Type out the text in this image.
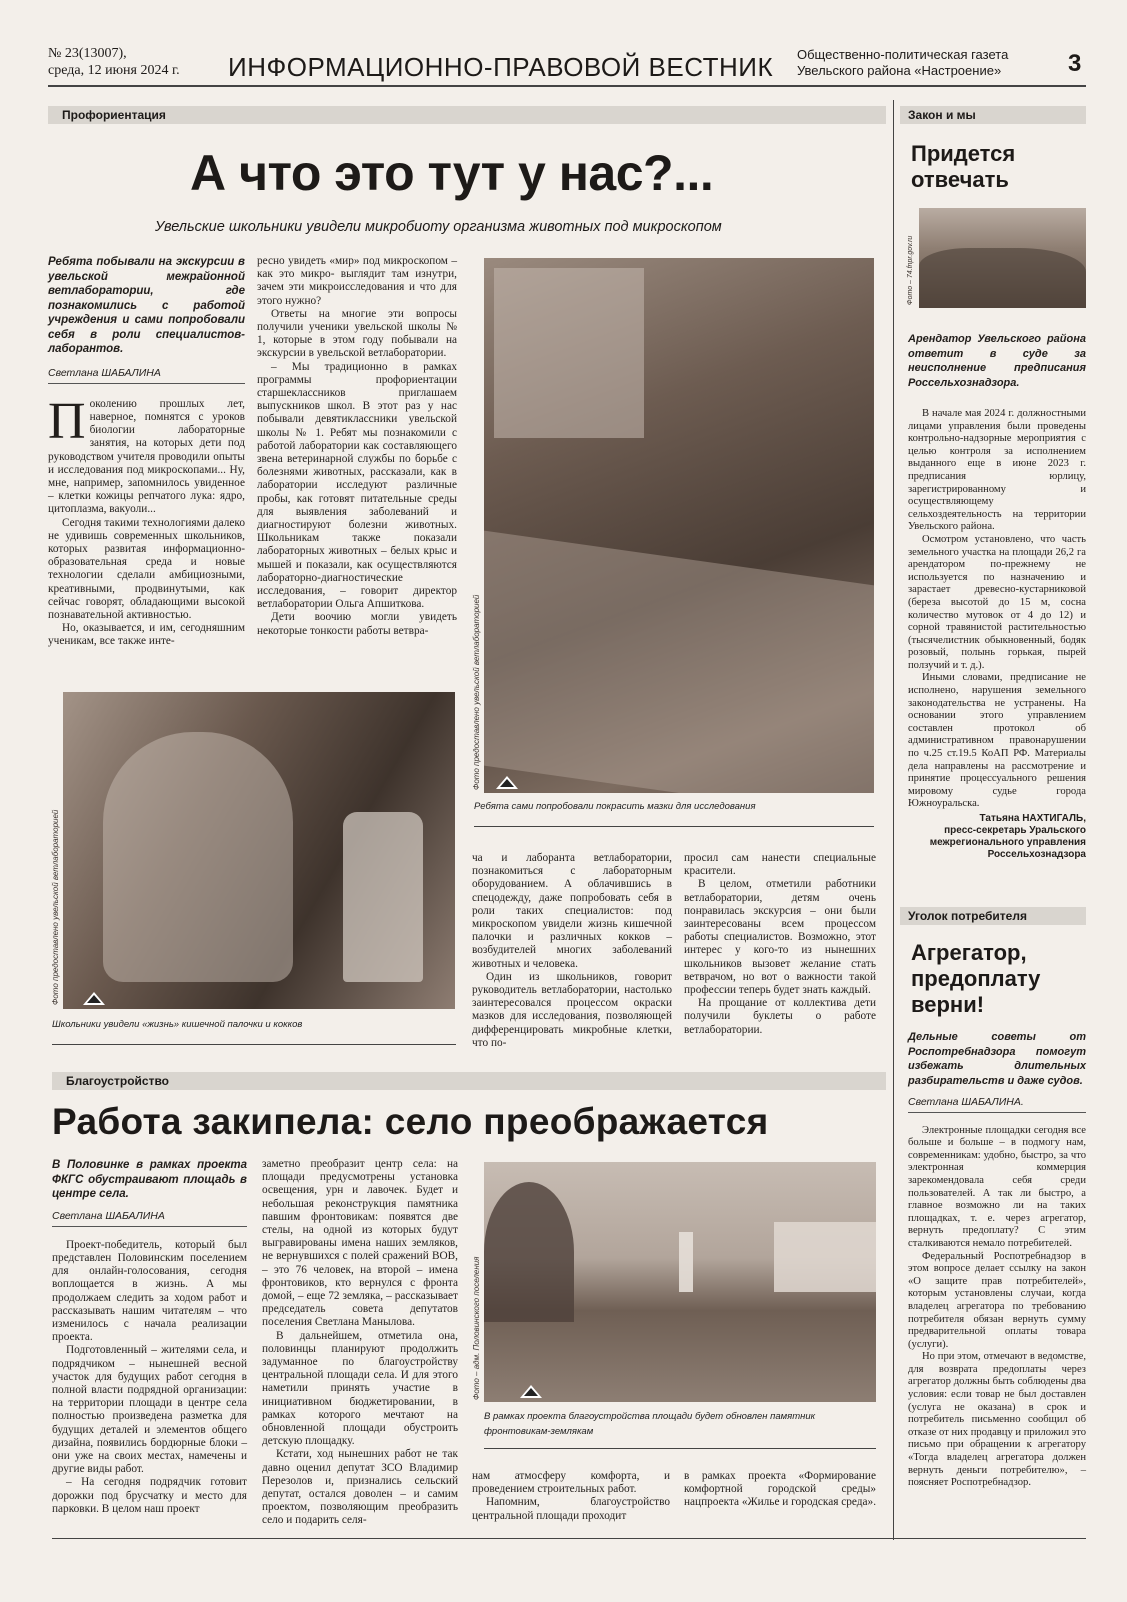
№ 23(13007),
среда, 12 июня 2024 г. ИНФОРМАЦИОННО-ПРАВОВОЙ ВЕСТНИК Общественно-политическая газета
Увельского района «Настроение»	3
Профориентация
А что это тут у нас?...
Увельские школьники увидели микробиоту организма животных под микроскопом
Ребята побывали на экскурсии в увельской межрайонной ветлаборатории, где познакомились с работой учреждения и сами попробовали себя в роли специалистов-лаборантов.
Светлана ШАБАЛИНА

Поколению прошлых лет, наверное, помнятся с уроков биологии лабораторные занятия, на которых дети под руководством учителя проводили опыты и исследования под микроскопами... Ну, мне, например, запомнилось увиденное – клетки кожицы репчатого лука: ядро, цитоплазма, вакуоли...

Сегодня такими технологиями далеко не удивишь современных школьников, которых развитая информационно-образовательная среда и новые технологии сделали амбициозными, креативными, продвинутыми, как сейчас говорят, обладающими высокой познавательной активностью.

Но, оказывается, и им, сегодняшним ученикам, все также инте-

ресно увидеть «мир» под микроскопом – как это микро- выглядит там изнутри, зачем эти микроисследования и что для этого нужно?

Ответы на многие эти вопросы получили ученики увельской школы № 1, которые в этом году побывали на экскурсии в увельской ветлаборатории.

– Мы традиционно в рамках программы профориентации старшеклассников приглашаем выпускников школ. В этот раз у нас побывали девятиклассники увельской школы № 1. Ребят мы познакомили с работой лаборатории как составляющего звена ветеринарной службы по борьбе с болезнями животных, рассказали, как в лаборатории исследуют различные пробы, как готовят питательные среды для выявления заболеваний и диагностируют болезни животных. Школьникам также показали лабораторных животных – белых крыс и мышей и показали, как осуществляются лабораторно-диагностические исследования, – говорит директор ветлаборатории Ольга Апшиткова.

Дети воочию могли увидеть некоторые тонкости работы ветвра-	Фото предоставлено увельской ветлабораторией
Ребята сами попробовали покрасить мазки для исследования
Фото предоставлено увельской ветлабораторией
Школьники увидели «жизнь» кишечной палочки и кокков

ча и лаборанта ветлаборатории, познакомиться с лабораторным оборудованием. А облачившись в спецодежду, даже попробовать себя в роли таких специалистов: под микроскопом увидели жизнь кишечной палочки и различных кокков – возбудителей многих заболеваний животных и человека.

Один из школьников, говорит руководитель ветлаборатории, настолько заинтересовался процессом окраски мазков для исследования, позволяющей дифференцировать микробные клетки, что по-

просил сам нанести специальные красители.

В целом, отметили работники ветлаборатории, детям очень понравилась экскурсия – они были заинтересованы всем процессом работы специалистов. Возможно, этот интерес у кого-то из нынешних школьников вызовет желание стать ветврачом, но вот о важности такой профессии теперь будет знать каждый.

На прощание от коллектива дети получили буклеты о работе ветлаборатории.

Закон и мы
Придется отвечать
Фото – 74.fnpr.gov.ru
Арендатор Увельского района ответит в суде за неисполнение предписания Россельхознадзора.

В начале мая 2024 г. должностными лицами управления были проведены контрольно-надзорные мероприятия с целью контроля за исполнением выданного еще в июне 2023 г. предписания юрлицу, зарегистрированному и осуществляющему сельхоздеятельность на территории Увельского района.

Осмотром установлено, что часть земельного участка на площади 26,2 га арендатором по-прежнему не используется по назначению и зарастает древесно-кустарниковой (береза высотой до 15 м, сосна количество мутовок от 4 до 12) и сорной травянистой растительностью (тысячелистник обыкновенный, бодяк розовый, полынь горькая, пырей ползучий и т. д.).

Иными словами, предписание не исполнено, нарушения земельного законодательства не устранены. На основании этого управлением составлен протокол об административном правонарушении по ч.25 ст.19.5 КоАП РФ. Материалы дела направлены на рассмотрение и принятие процессуального решения мировому судье города Южноуральска.

Татьяна НАХТИГАЛЬ,
пресс-секретарь Уральского межрегионального управления Россельхознадзора
Уголок потребителя
Агрегатор, предоплату верни!
Дельные советы от Роспотребнадзора помогут избежать длительных разбирательств и даже судов.
Светлана ШАБАЛИНА.

Электронные площадки сегодня все больше и больше – в подмогу нам, современникам: удобно, быстро, за что электронная коммерция зарекомендовала себя среди пользователей. А так ли быстро, а главное возможно ли на таких площадках, т. е. через агрегатор, вернуть предоплату? С этим сталкиваются немало потребителей.

Федеральный Роспотребнадзор в этом вопросе делает ссылку на закон «О защите прав потребителей», которым установлены случаи, когда владелец агрегатора по требованию потребителя обязан вернуть сумму предварительной оплаты товара (услуги).

Но при этом, отмечают в ведомстве, для возврата предоплаты через агрегатор должны быть соблюдены два условия: если товар не был доставлен (услуга не оказана) в срок и потребитель письменно сообщил об отказе от них продавцу и приложил это письмо при обращении к агрегатору «Тогда владелец агрегатора должен вернуть деньги потребителю», – поясняет Роспотребнадзор.

Благоустройство
Работа закипела: село преображается
В Половинке в рамках проекта ФКГС обустраивают площадь в центре села.
Светлана ШАБАЛИНА

Проект-победитель, который был представлен Половинским поселением для онлайн-голосования, сегодня воплощается в жизнь. А мы продолжаем следить за ходом работ и рассказывать нашим читателям – что изменилось с начала реализации проекта.

Подготовленный – жителями села, и подрядчиком – нынешней весной участок для будущих работ сегодня в полной власти подрядной организации: на территории площади в центре села полностью произведена разметка для будущих деталей и элементов общего дизайна, появились бордюрные блоки – они уже на своих местах, намечены и другие виды работ.

– На сегодня подрядчик готовит дорожки под брусчатку и место для парковки. В целом наш проект

заметно преобразит центр села: на площади предусмотрены установка освещения, урн и лавочек. Будет и небольшая реконструкция памятника павшим фронтовикам: появятся две стелы, на одной из которых будут выгравированы имена наших земляков, не вернувшихся с полей сражений ВОВ, – это 76 человек, на второй – имена фронтовиков, кто вернулся с фронта домой, – еще 72 земляка, – рассказывает председатель совета депутатов поселения Светлана Манылова.

В дальнейшем, отметила она, половинцы планируют продолжить задуманное по благоустройству центральной площади села. И для этого наметили принять участие в инициативном бюджетировании, в рамках которого мечтают на обновленной площади обустроить детскую площадку.

Кстати, ход нынешних работ не так давно оценил депутат ЗСО Владимир Перезолов и, признались сельский депутат, остался доволен – и самим проектом, позволяющим преобразить село и подарить селя-

Фото – адм. Половинского поселения
В рамках проекта благоустройства площади будет обновлен памятник фронтовикам-землякам

нам атмосферу комфорта, и проведением строительных работ.

Напомним, благоустройство центральной площади проходит

в рамках проекта «Формирование комфортной городской среды» нацпроекта «Жилье и городская среда».
